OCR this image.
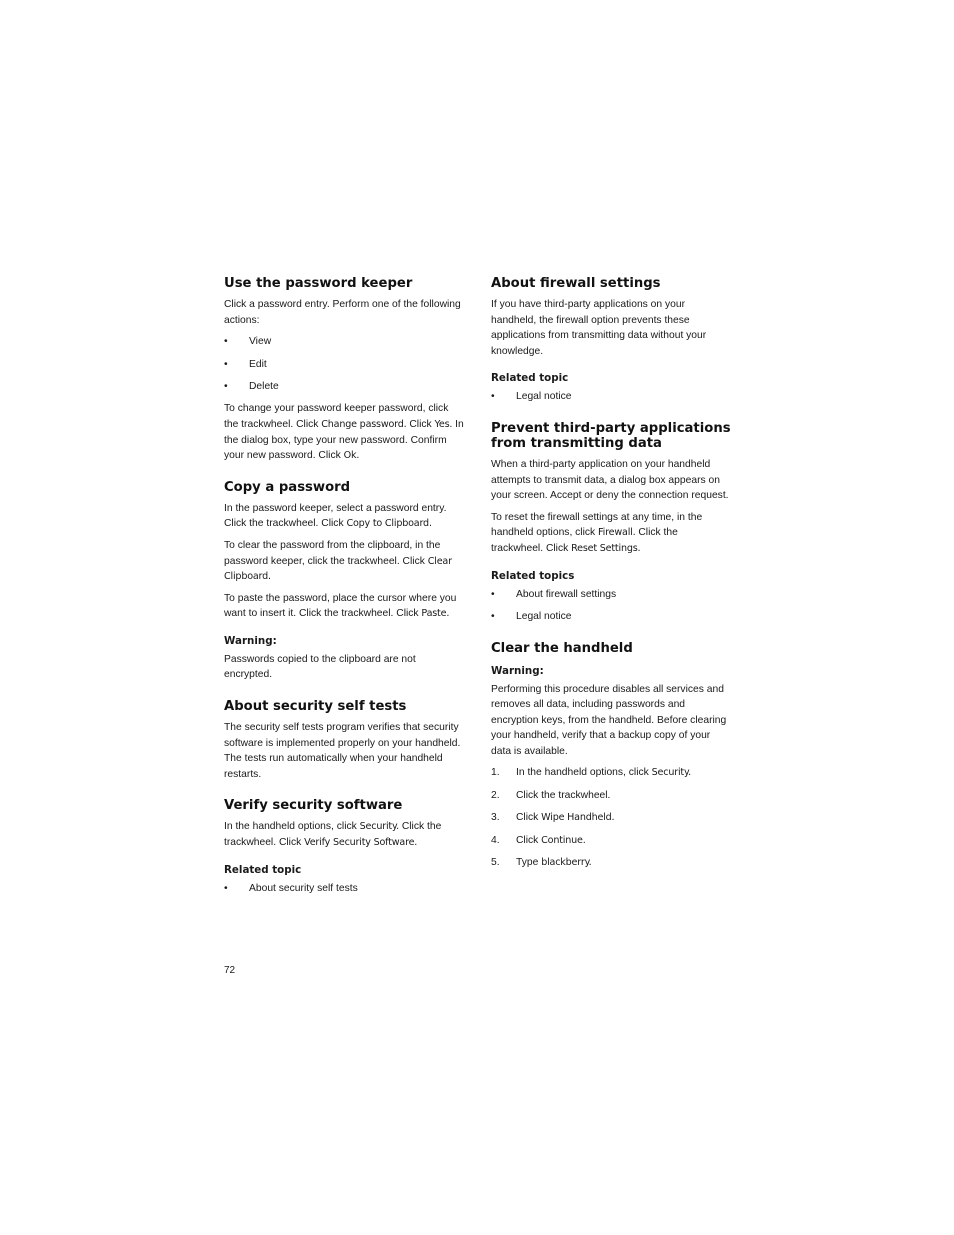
Use the password keeper

Click a password entry. Perform one of the following actions:

• View
• Edit
• Delete

To change your password keeper password, click the trackwheel. Click Change password. Click Yes. In the dialog box, type your new password. Confirm your new password. Click Ok.

Copy a password

In the password keeper, select a password entry. Click the trackwheel. Click Copy to Clipboard.

To clear the password from the clipboard, in the password keeper, click the trackwheel. Click Clear Clipboard.

To paste the password, place the cursor where you want to insert it. Click the trackwheel. Click Paste.

Warning:

Passwords copied to the clipboard are not encrypted.

About security self tests

The security self tests program verifies that security software is implemented properly on your handheld. The tests run automatically when your handheld restarts.

Verify security software

In the handheld options, click Security. Click the trackwheel. Click Verify Security Software.

Related topic
• About security self tests
About firewall settings

If you have third-party applications on your handheld, the firewall option prevents these applications from transmitting data without your knowledge.

Related topic
• Legal notice
Prevent third-party applications from transmitting data

When a third-party application on your handheld attempts to transmit data, a dialog box appears on your screen. Accept or deny the connection request.

To reset the firewall settings at any time, in the handheld options, click Firewall. Click the trackwheel. Click Reset Settings.

Related topics
• About firewall settings
• Legal notice
Clear the handheld
Warning:

Performing this procedure disables all services and removes all data, including passwords and encryption keys, from the handheld. Before clearing your handheld, verify that a backup copy of your data is available.

1. In the handheld options, click Security.
2. Click the trackwheel.
3. Click Wipe Handheld.
4. Click Continue.
5. Type blackberry.
72
